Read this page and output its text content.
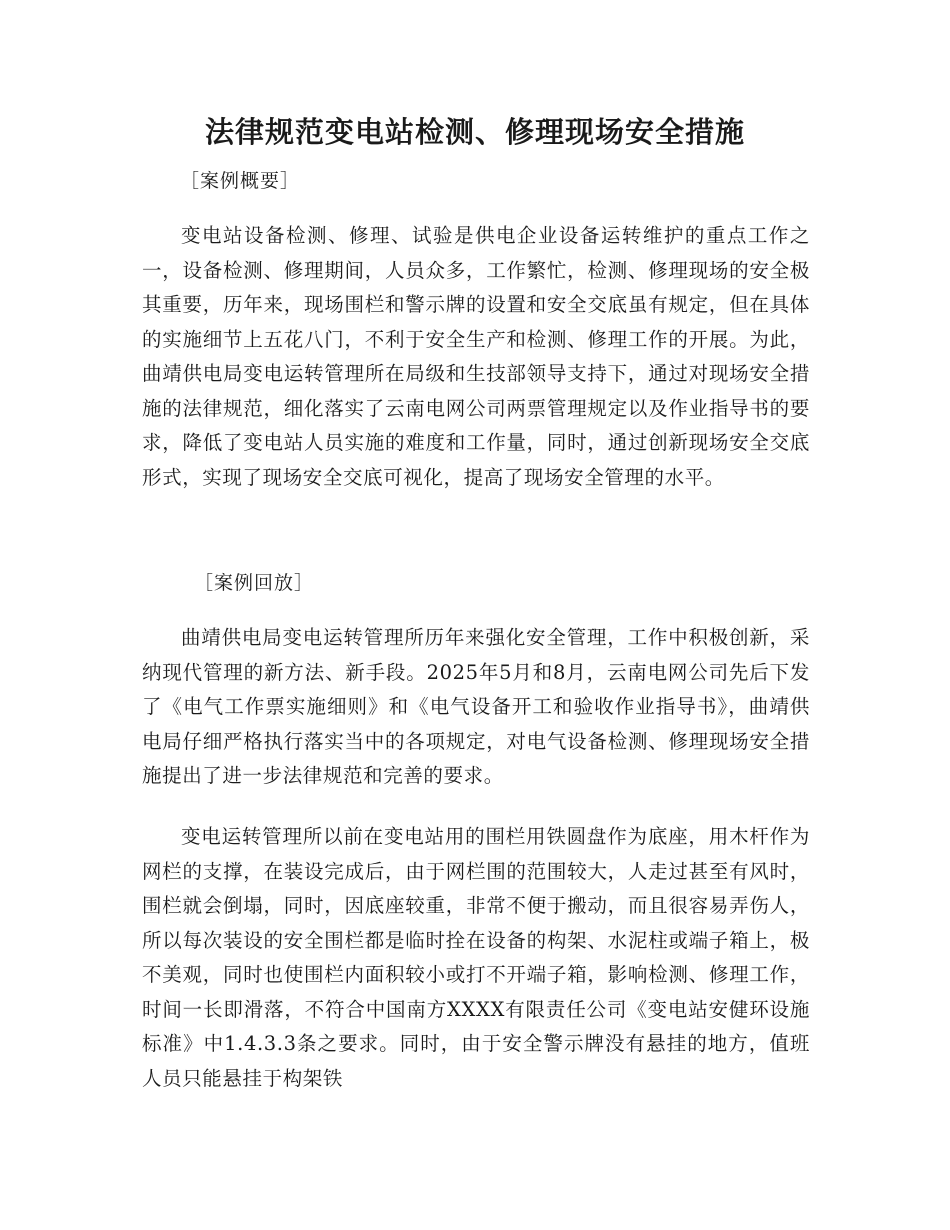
法律规范变电站检测、修理现场安全措施

［案例概要］

变电站设备检测、修理、试验是供电企业设备运转维护的重点工作之一，设备检测、修理期间，人员众多，工作繁忙，检测、修理现场的安全极其重要，历年来，现场围栏和警示牌的设置和安全交底虽有规定，但在具体的实施细节上五花八门，不利于安全生产和检测、修理工作的开展。为此，曲靖供电局变电运转管理所在局级和生技部领导支持下，通过对现场安全措施的法律规范，细化落实了云南电网公司两票管理规定以及作业指导书的要求，降低了变电站人员实施的难度和工作量，同时，通过创新现场安全交底形式，实现了现场安全交底可视化，提高了现场安全管理的水平。

［案例回放］

曲靖供电局变电运转管理所历年来强化安全管理，工作中积极创新，采纳现代管理的新方法、新手段。2025年5月和8月，云南电网公司先后下发了《电气工作票实施细则》和《电气设备开工和验收作业指导书》，曲靖供电局仔细严格执行落实当中的各项规定，对电气设备检测、修理现场安全措施提出了进一步法律规范和完善的要求。

变电运转管理所以前在变电站用的围栏用铁圆盘作为底座，用木杆作为网栏的支撑，在装设完成后，由于网栏围的范围较大，人走过甚至有风时，围栏就会倒塌，同时，因底座较重，非常不便于搬动，而且很容易弄伤人，所以每次装设的安全围栏都是临时拴在设备的构架、水泥柱或端子箱上，极不美观，同时也使围栏内面积较小或打不开端子箱，影响检测、修理工作，时间一长即滑落，不符合中国南方XXXX有限责任公司《变电站安健环设施标准》中1.4.3.3条之要求。同时，由于安全警示牌没有悬挂的地方，值班人员只能悬挂于构架铁
